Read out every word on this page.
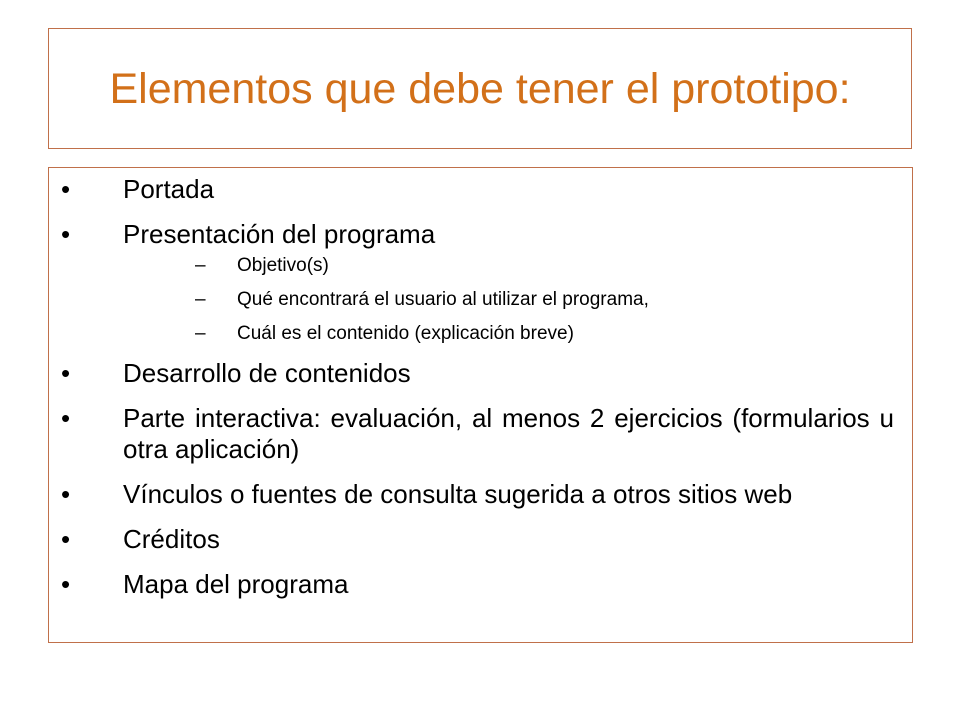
Elementos que debe tener el prototipo:
• Portada
• Presentación del programa
– Objetivo(s)
– Qué encontrará el usuario al utilizar el programa,
– Cuál es el contenido (explicación breve)
• Desarrollo de contenidos
• Parte interactiva: evaluación, al menos 2 ejercicios (formularios u otra aplicación)
• Vínculos o fuentes de consulta sugerida a otros sitios web
• Créditos
• Mapa del programa
